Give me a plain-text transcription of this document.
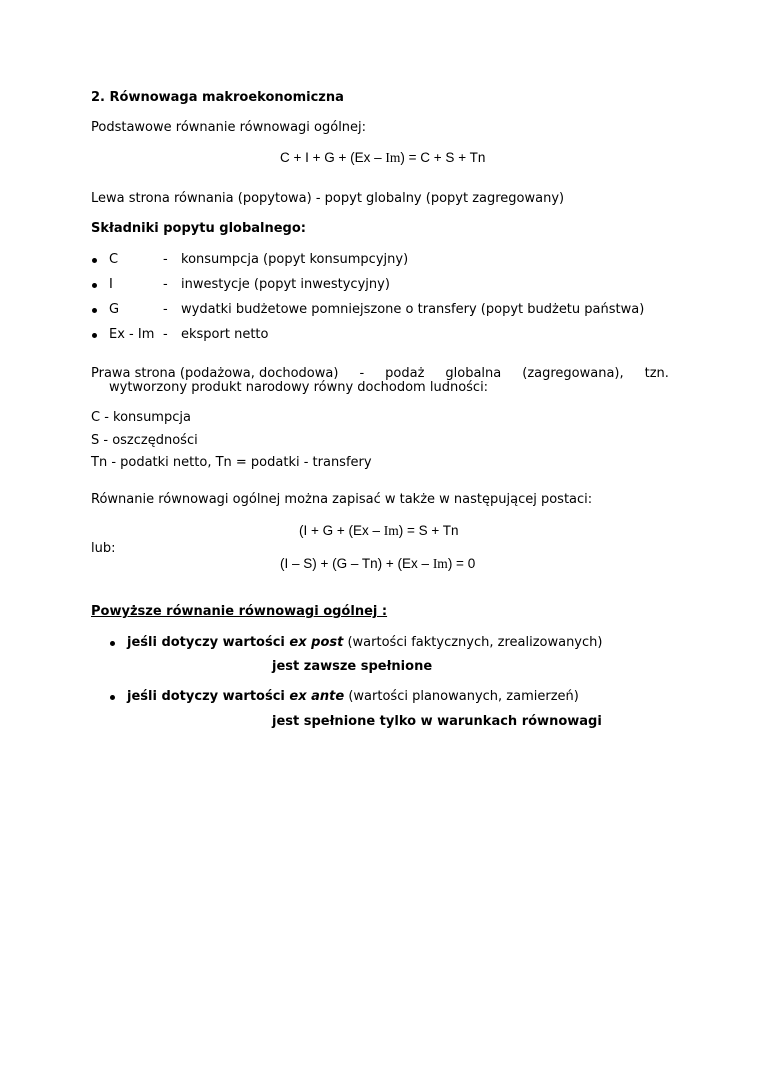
2. Równowaga makroekonomiczna
Podstawowe równanie równowagi ogólnej:
C + I + G + (Ex – Im) = C + S + Tn
Lewa strona równania (popytowa) - popyt globalny (popyt zagregowany)
Składniki popytu globalnego:
C	- konsumpcja (popyt konsumpcyjny)
I	- inwestycje (popyt inwestycyjny)
G	- wydatki budżetowe pomniejszone o transfery (popyt budżetu państwa)
Ex - Im - eksport netto
Prawa strona (podażowa, dochodowa) - podaż globalna (zagregowana), tzn.
wytworzony produkt narodowy równy dochodom ludności:
C - konsumpcja
S - oszczędności
Tn - podatki netto, Tn = podatki - transfery
Równanie równowagi ogólnej można zapisać w także w następującej postaci:
(I + G + (Ex – Im) = S + Tn
lub:
(I – S) + (G – Tn) + (Ex – Im) = 0
Powyższe równanie równowagi ogólnej :
jeśli dotyczy wartości ex post (wartości faktycznych, zrealizowanych)
jest zawsze spełnione
jeśli dotyczy wartości ex ante (wartości planowanych, zamierzeń)
jest spełnione tylko w warunkach równowagi
